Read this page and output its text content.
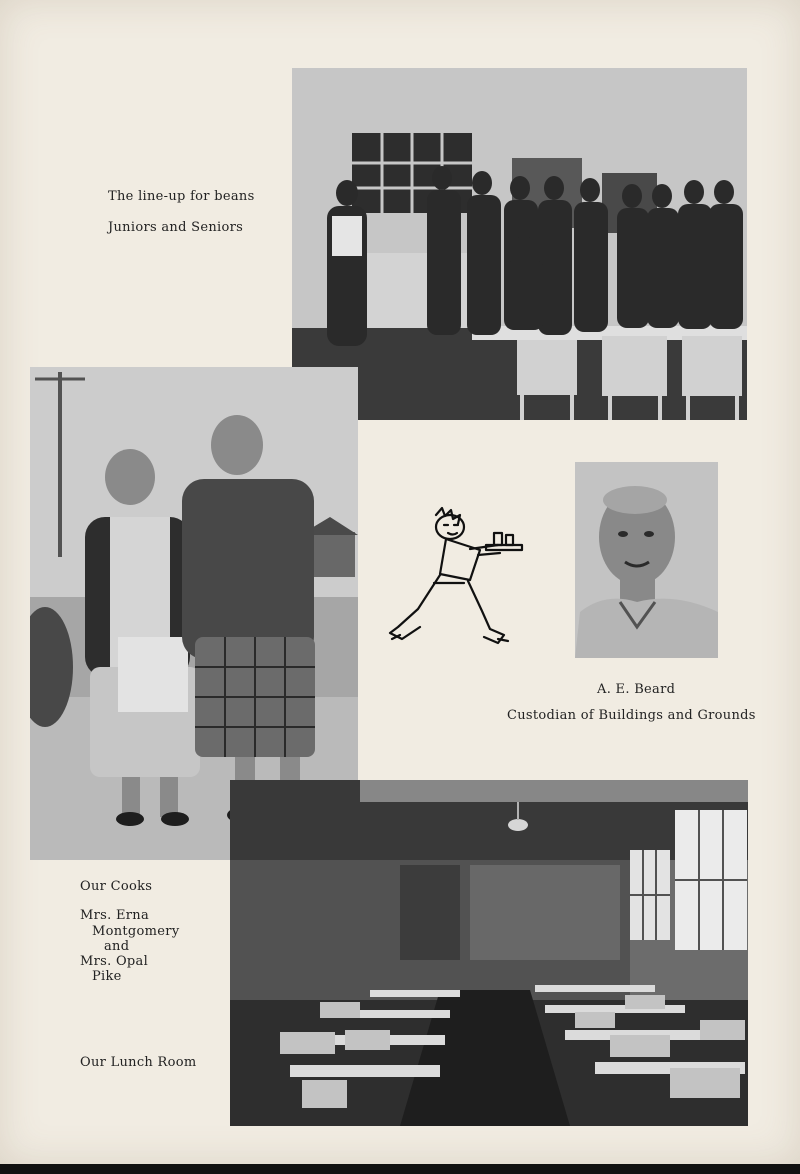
The line-up for beans
Juniors and Seniors
A. E. Beard
Custodian of Buildings and Grounds
Our Cooks
Mrs. Erna
Montgomery
and
Mrs. Opal
Pike
Our Lunch Room
